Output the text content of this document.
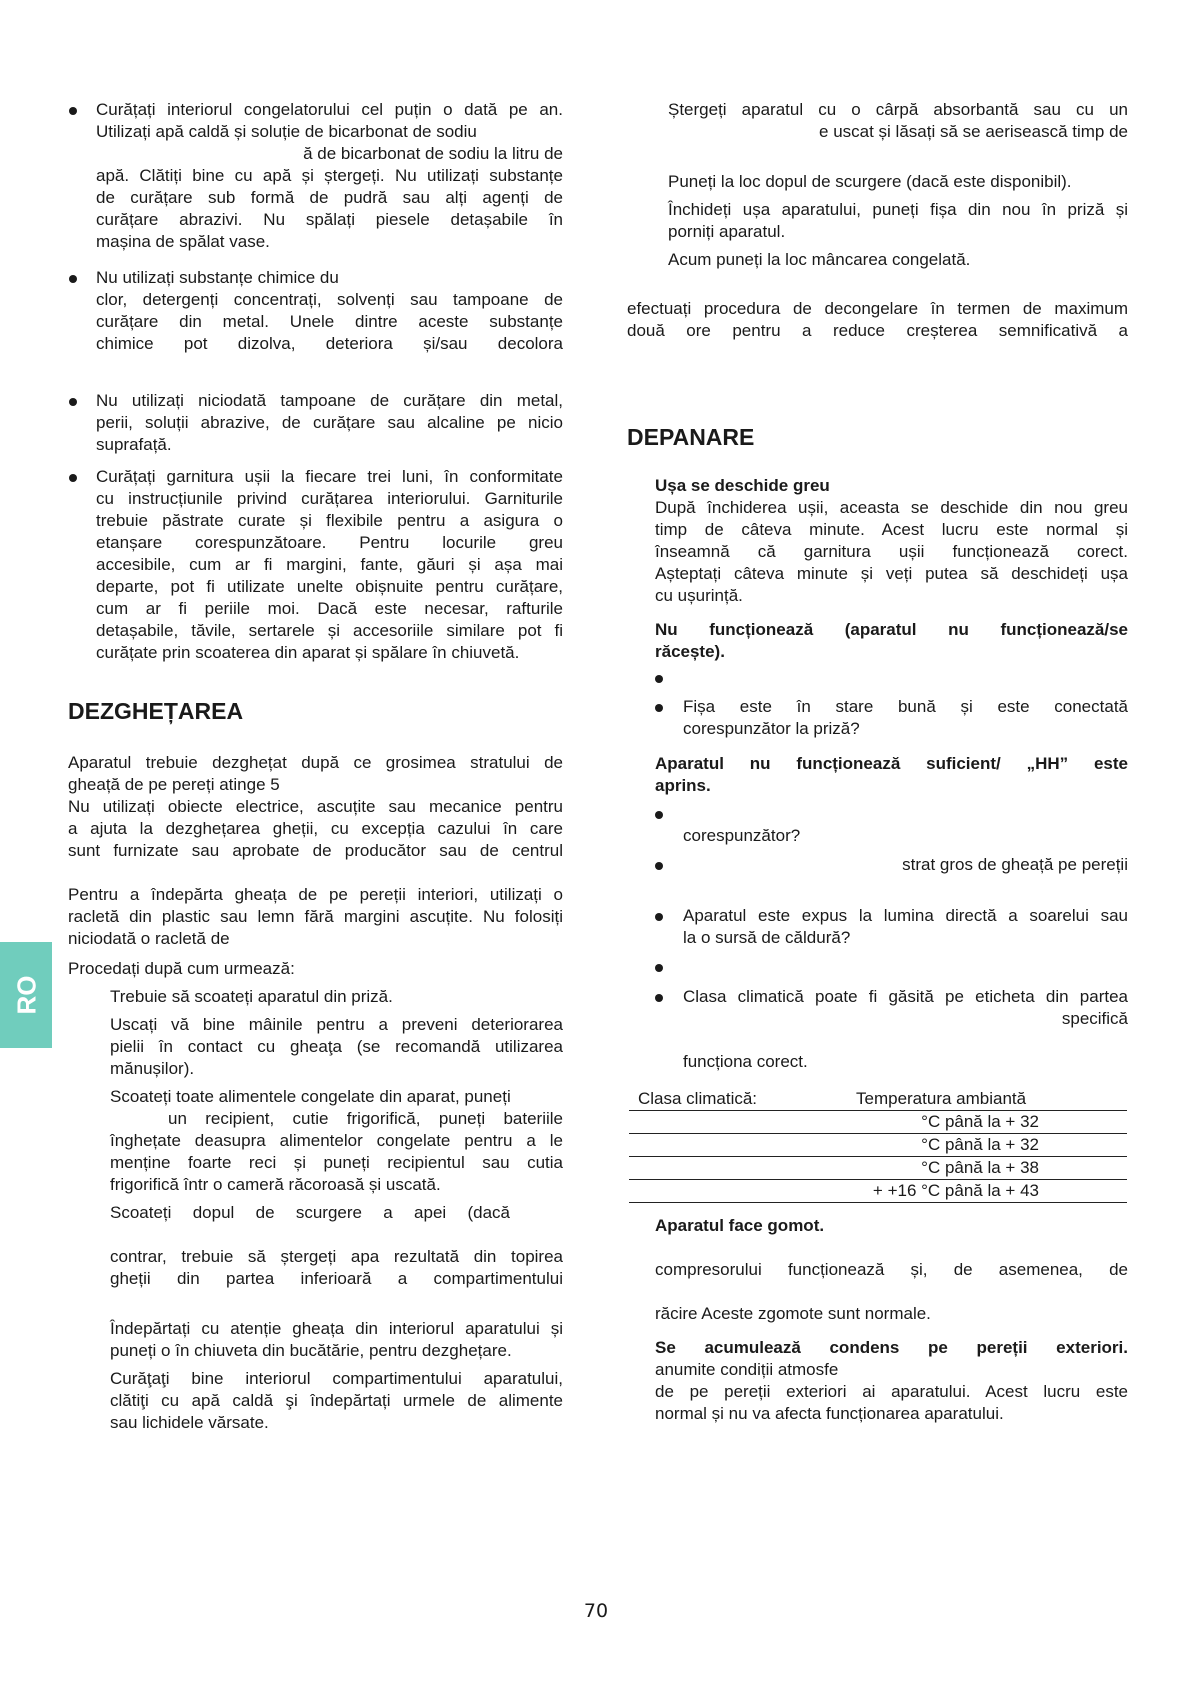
Curățați interiorul congelatorului cel puțin o dată pe an.
Utilizați apă caldă și soluție de bicarbonat de sodiu
ă de bicarbonat de sodiu la litru de
apă. Clătiți bine cu apă și ștergeți. Nu utilizați substanțe
de curățare sub formă de pudră sau alți agenți de
curățare abrazivi. Nu spălați piesele detașabile în
mașina de spălat vase.
Nu utilizați substanțe chimice du
clor, detergenți concentrați, solvenți sau tampoane de
curățare din metal. Unele dintre aceste substanțe
chimice pot dizolva, deteriora și/sau decolora
Nu utilizați niciodată tampoane de curățare din metal,
perii, soluții abrazive, de curățare sau alcaline pe nicio
suprafață.
Curățați garnitura ușii la fiecare trei luni, în conformitate
cu instrucțiunile privind curățarea interiorului. Garniturile
trebuie păstrate curate și flexibile pentru a asigura o
etanșare corespunzătoare. Pentru locurile greu
accesibile, cum ar fi margini, fante, găuri și așa mai
departe, pot fi utilizate unelte obișnuite pentru curățare,
cum ar fi periile moi. Dacă este necesar, rafturile
detașabile, tăvile, sertarele și accesoriile similare pot fi
curățate prin scoaterea din aparat și spălare în chiuvetă.
DEZGHEȚAREA
Aparatul trebuie dezghețat după ce grosimea stratului de
gheață de pe pereți atinge 5
Nu utilizați obiecte electrice, ascuțite sau mecanice pentru
a ajuta la dezghețarea gheții, cu excepția cazului în care
sunt furnizate sau aprobate de producător sau de centrul
Pentru a îndepărta gheața de pe pereții interiori, utilizați o
racletă din plastic sau lemn fără margini ascuțite. Nu folosiți
niciodată o racletă de
Procedați după cum urmează:
Trebuie să scoateți aparatul din priză.
Uscați vă bine mâinile pentru a preveni deteriorarea
pielii în contact cu gheaţa (se recomandă utilizarea
mănușilor).
Scoateți toate alimentele congelate din aparat, puneți
un recipient, cutie frigorifică, puneți bateriile
înghețate deasupra alimentelor congelate pentru a le
menține foarte reci și puneți recipientul sau cutia
frigorifică într o cameră răcoroasă și uscată.
Scoateți dopul de scurgere a apei (dacă
contrar, trebuie să ștergeți apa rezultată din topirea
gheții din partea inferioară a compartimentului
Îndepărtați cu atenție gheața din interiorul aparatului și
puneți o în chiuveta din bucătărie, pentru dezghețare.
Curăţaţi bine interiorul compartimentului aparatului,
clătiţi cu apă caldă şi îndepărtați urmele de alimente
sau lichidele vărsate.
RO
Ștergeți aparatul cu o cârpă absorbantă sau cu un
e uscat și lăsați să se aerisească timp de
Puneți la loc dopul de scurgere (dacă este disponibil).
Închideți ușa aparatului, puneți fișa din nou în priză și
porniți aparatul.
Acum puneți la loc mâncarea congelată.
efectuați procedura de decongelare în termen de maximum
două ore pentru a reduce creșterea semnificativă a
DEPANARE
Ușa se deschide greu
După închiderea ușii, aceasta se deschide din nou greu
timp de câteva minute. Acest lucru este normal și
înseamnă că garnitura ușii funcționează corect.
Așteptați câteva minute și veți putea să deschideți ușa
cu ușurință.
Nu funcționează (aparatul nu funcționează/se
răcește).
Fișa este în stare bună și este conectată
corespunzător la priză?
Aparatul nu funcționează suficient/ „HH” este
aprins.
corespunzător?
strat gros de gheață pe pereții
Aparatul este expus la lumina directă a soarelui sau
la o sursă de căldură?
Clasa climatică poate fi găsită pe eticheta din partea
specifică
funcționa corect.
Clasa climatică:	Temperatura ambiantă
°C până la + 32
°C până la + 32
°C până la + 38
+ +16 °C până la + 43
Aparatul face gomot.
compresorului funcționează și, de asemenea, de
răcire Aceste zgomote sunt normale.
Se acumulează condens pe pereții exteriori.
anumite condiții atmosfe
de pe pereții exteriori ai aparatului. Acest lucru este
normal și nu va afecta funcționarea aparatului.
70
